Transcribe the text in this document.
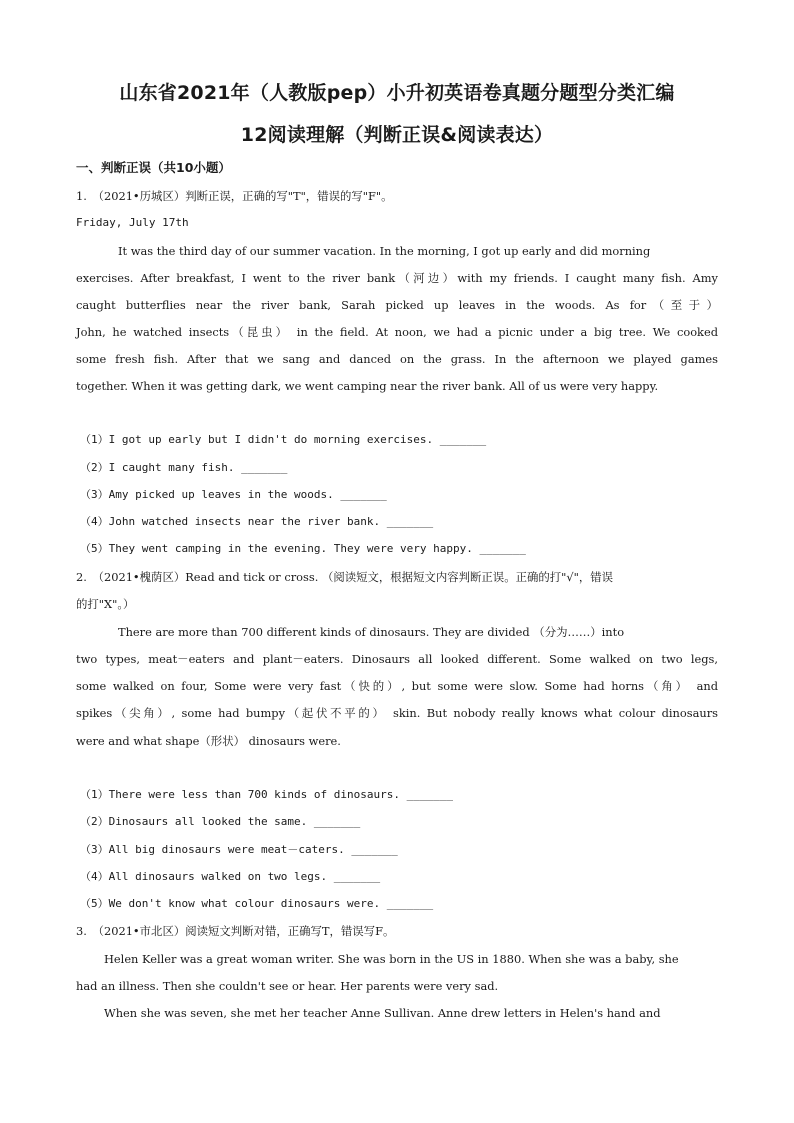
山东省2021年（人教版pep）小升初英语卷真题分题型分类汇编
12阅读理解（判断正误&阅读表达）
一、判断正误（共10小题）
1.　（2021•历城区）判断正误，正确的写"T"，错误的写"F"。
Friday, July 17th
It was the third day of our summer vacation. In the morning, I got up early and did morning
exercises. After breakfast, I went to the river bank（河边）with my friends. I caught many fish. Amy
caught butterflies near the river bank, Sarah picked up leaves in the woods. As for（至于）
John, he watched insects（昆虫） in the field. At noon, we had a picnic under a big tree. We cooked
some fresh fish. After that we sang and danced on the grass. In the afternoon we played games
together. When it was getting dark, we went camping near the river bank. All of us were very happy.
（1）I got up early but I didn't do morning exercises. _______
（2）I caught many fish. _______
（3）Amy picked up leaves in the woods. _______
（4）John watched insects near the river bank. _______
（5）They went camping in the evening. They were very happy. _______
2.　（2021•槐荫区）Read and tick or cross. （阅读短文，根据短文内容判断正误。正确的打"√"，错误
的打"X"。）
There are more than 700 different kinds of dinosaurs. They are divided （分为……）into
two types, meat－eaters and plant－eaters. Dinosaurs all looked different. Some walked on two legs,
some walked on four, Some were very fast（快的）, but some were slow. Some had horns（角） and
spikes（尖角）, some had bumpy（起伏不平的） skin. But nobody really knows what colour dinosaurs
were and what shape（形状） dinosaurs were.
（1）There were less than 700 kinds of dinosaurs. _______
（2）Dinosaurs all looked the same. _______
（3）All big dinosaurs were meat－caters. _______
（4）All dinosaurs walked on two legs. _______
（5）We don't know what colour dinosaurs were. _______
3.　（2021•市北区）阅读短文判断对错，正确写T，错误写F。
Helen Keller was a great woman writer. She was born in the US in 1880. When she was a baby, she
had an illness. Then she couldn't see or hear. Her parents were very sad.
When she was seven, she met her teacher Anne Sullivan. Anne drew letters in Helen's hand and
